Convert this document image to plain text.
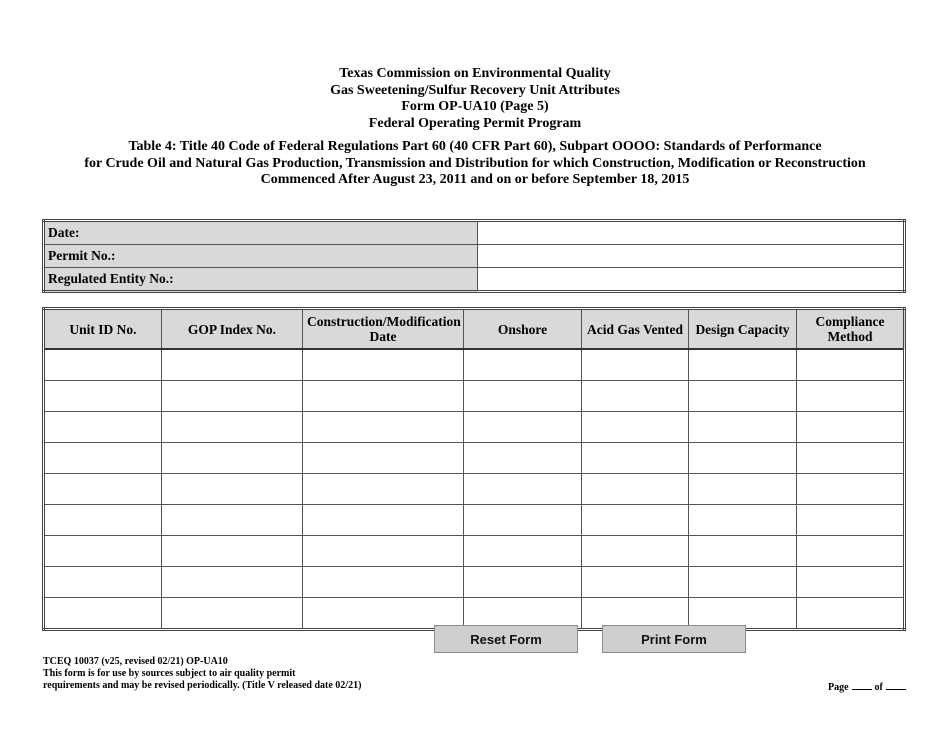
Texas Commission on Environmental Quality
Gas Sweetening/Sulfur Recovery Unit Attributes
Form OP-UA10 (Page 5)
Federal Operating Permit Program
Table 4: Title 40 Code of Federal Regulations Part 60 (40 CFR Part 60), Subpart OOOO: Standards of Performance
for Crude Oil and Natural Gas Production, Transmission and Distribution for which Construction, Modification or Reconstruction
Commenced After August 23, 2011 and on or before September 18, 2015
Date:	
Permit No.:	
Regulated Entity No.:	
Unit ID No.	GOP Index No.	Construction/Modification Date	Onshore	Acid Gas Vented	Design Capacity	Compliance Method

Reset Form	Print Form
TCEQ 10037 (v25, revised 02/21) OP-UA10
This form is for use by sources subject to air quality permit
requirements and may be revised periodically. (Title V released date 02/21)	Page	of
